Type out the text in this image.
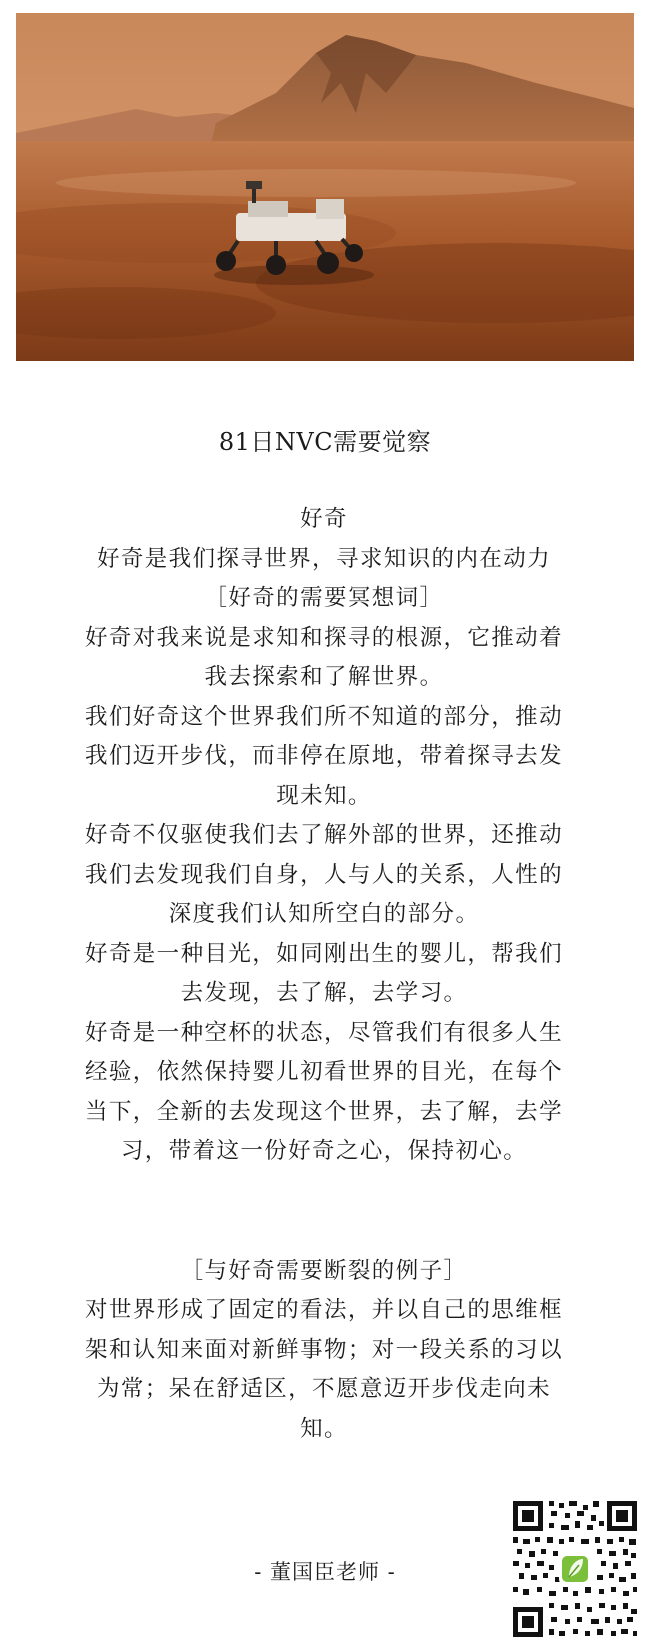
81日NVC需要觉察

好奇

好奇是我们探寻世界，寻求知识的内在动力

［好奇的需要冥想词］

好奇对我来说是求知和探寻的根源，它推动着我去探索和了解世界。

我们好奇这个世界我们所不知道的部分，推动我们迈开步伐，而非停在原地，带着探寻去发现未知。

好奇不仅驱使我们去了解外部的世界，还推动我们去发现我们自身，人与人的关系，人性的深度我们认知所空白的部分。

好奇是一种目光，如同刚出生的婴儿，帮我们去发现，去了解，去学习。

好奇是一种空杯的状态，尽管我们有很多人生经验，依然保持婴儿初看世界的目光，在每个当下，全新的去发现这个世界，去了解，去学习，带着这一份好奇之心，保持初心。

［与好奇需要断裂的例子］

对世界形成了固定的看法，并以自己的思维框架和认知来面对新鲜事物；对一段关系的习以为常；呆在舒适区，不愿意迈开步伐走向未知。

- 董国臣老师 -
